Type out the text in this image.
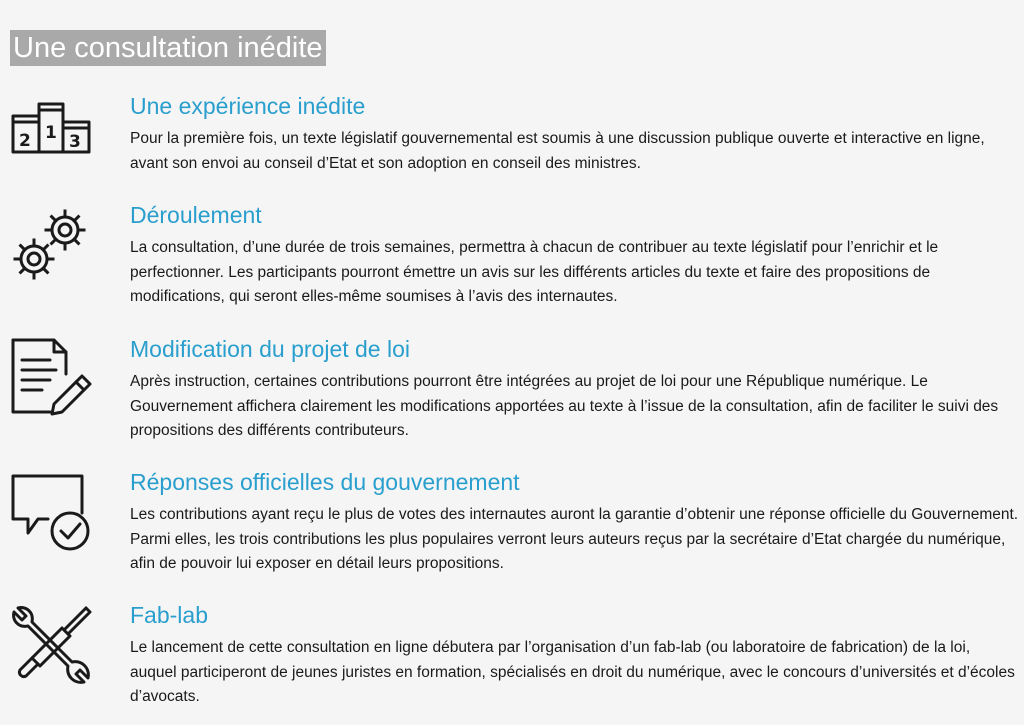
Une consultation inédite
2 1 3
Une expérience inédite

Pour la première fois, un texte législatif gouvernemental est soumis à une discussion publique ouverte et interactive en ligne, avant son envoi au conseil d’Etat et son adoption en conseil des ministres.

Déroulement

La consultation, d’une durée de trois semaines, permettra à chacun de contribuer au texte législatif pour l’enrichir et le perfectionner. Les participants pourront émettre un avis sur les différents articles du texte et faire des propositions de modifications, qui seront elles-même soumises à l’avis des internautes.

Modification du projet de loi

Après instruction, certaines contributions pourront être intégrées au projet de loi pour une République numérique. Le Gouvernement affichera clairement les modifications apportées au texte à l’issue de la consultation, afin de faciliter le suivi des propositions des différents contributeurs.

Réponses officielles du gouvernement

Les contributions ayant reçu le plus de votes des internautes auront la garantie d’obtenir une réponse officielle du Gouvernement. Parmi elles, les trois contributions les plus populaires verront leurs auteurs reçus par la secrétaire d’Etat chargée du numérique, afin de pouvoir lui exposer en détail leurs propositions.

Fab-lab

Le lancement de cette consultation en ligne débutera par l’organisation d’un fab-lab (ou laboratoire de fabrication) de la loi, auquel participeront de jeunes juristes en formation, spécialisés en droit du numérique, avec le concours d’universités et d’écoles d’avocats.
